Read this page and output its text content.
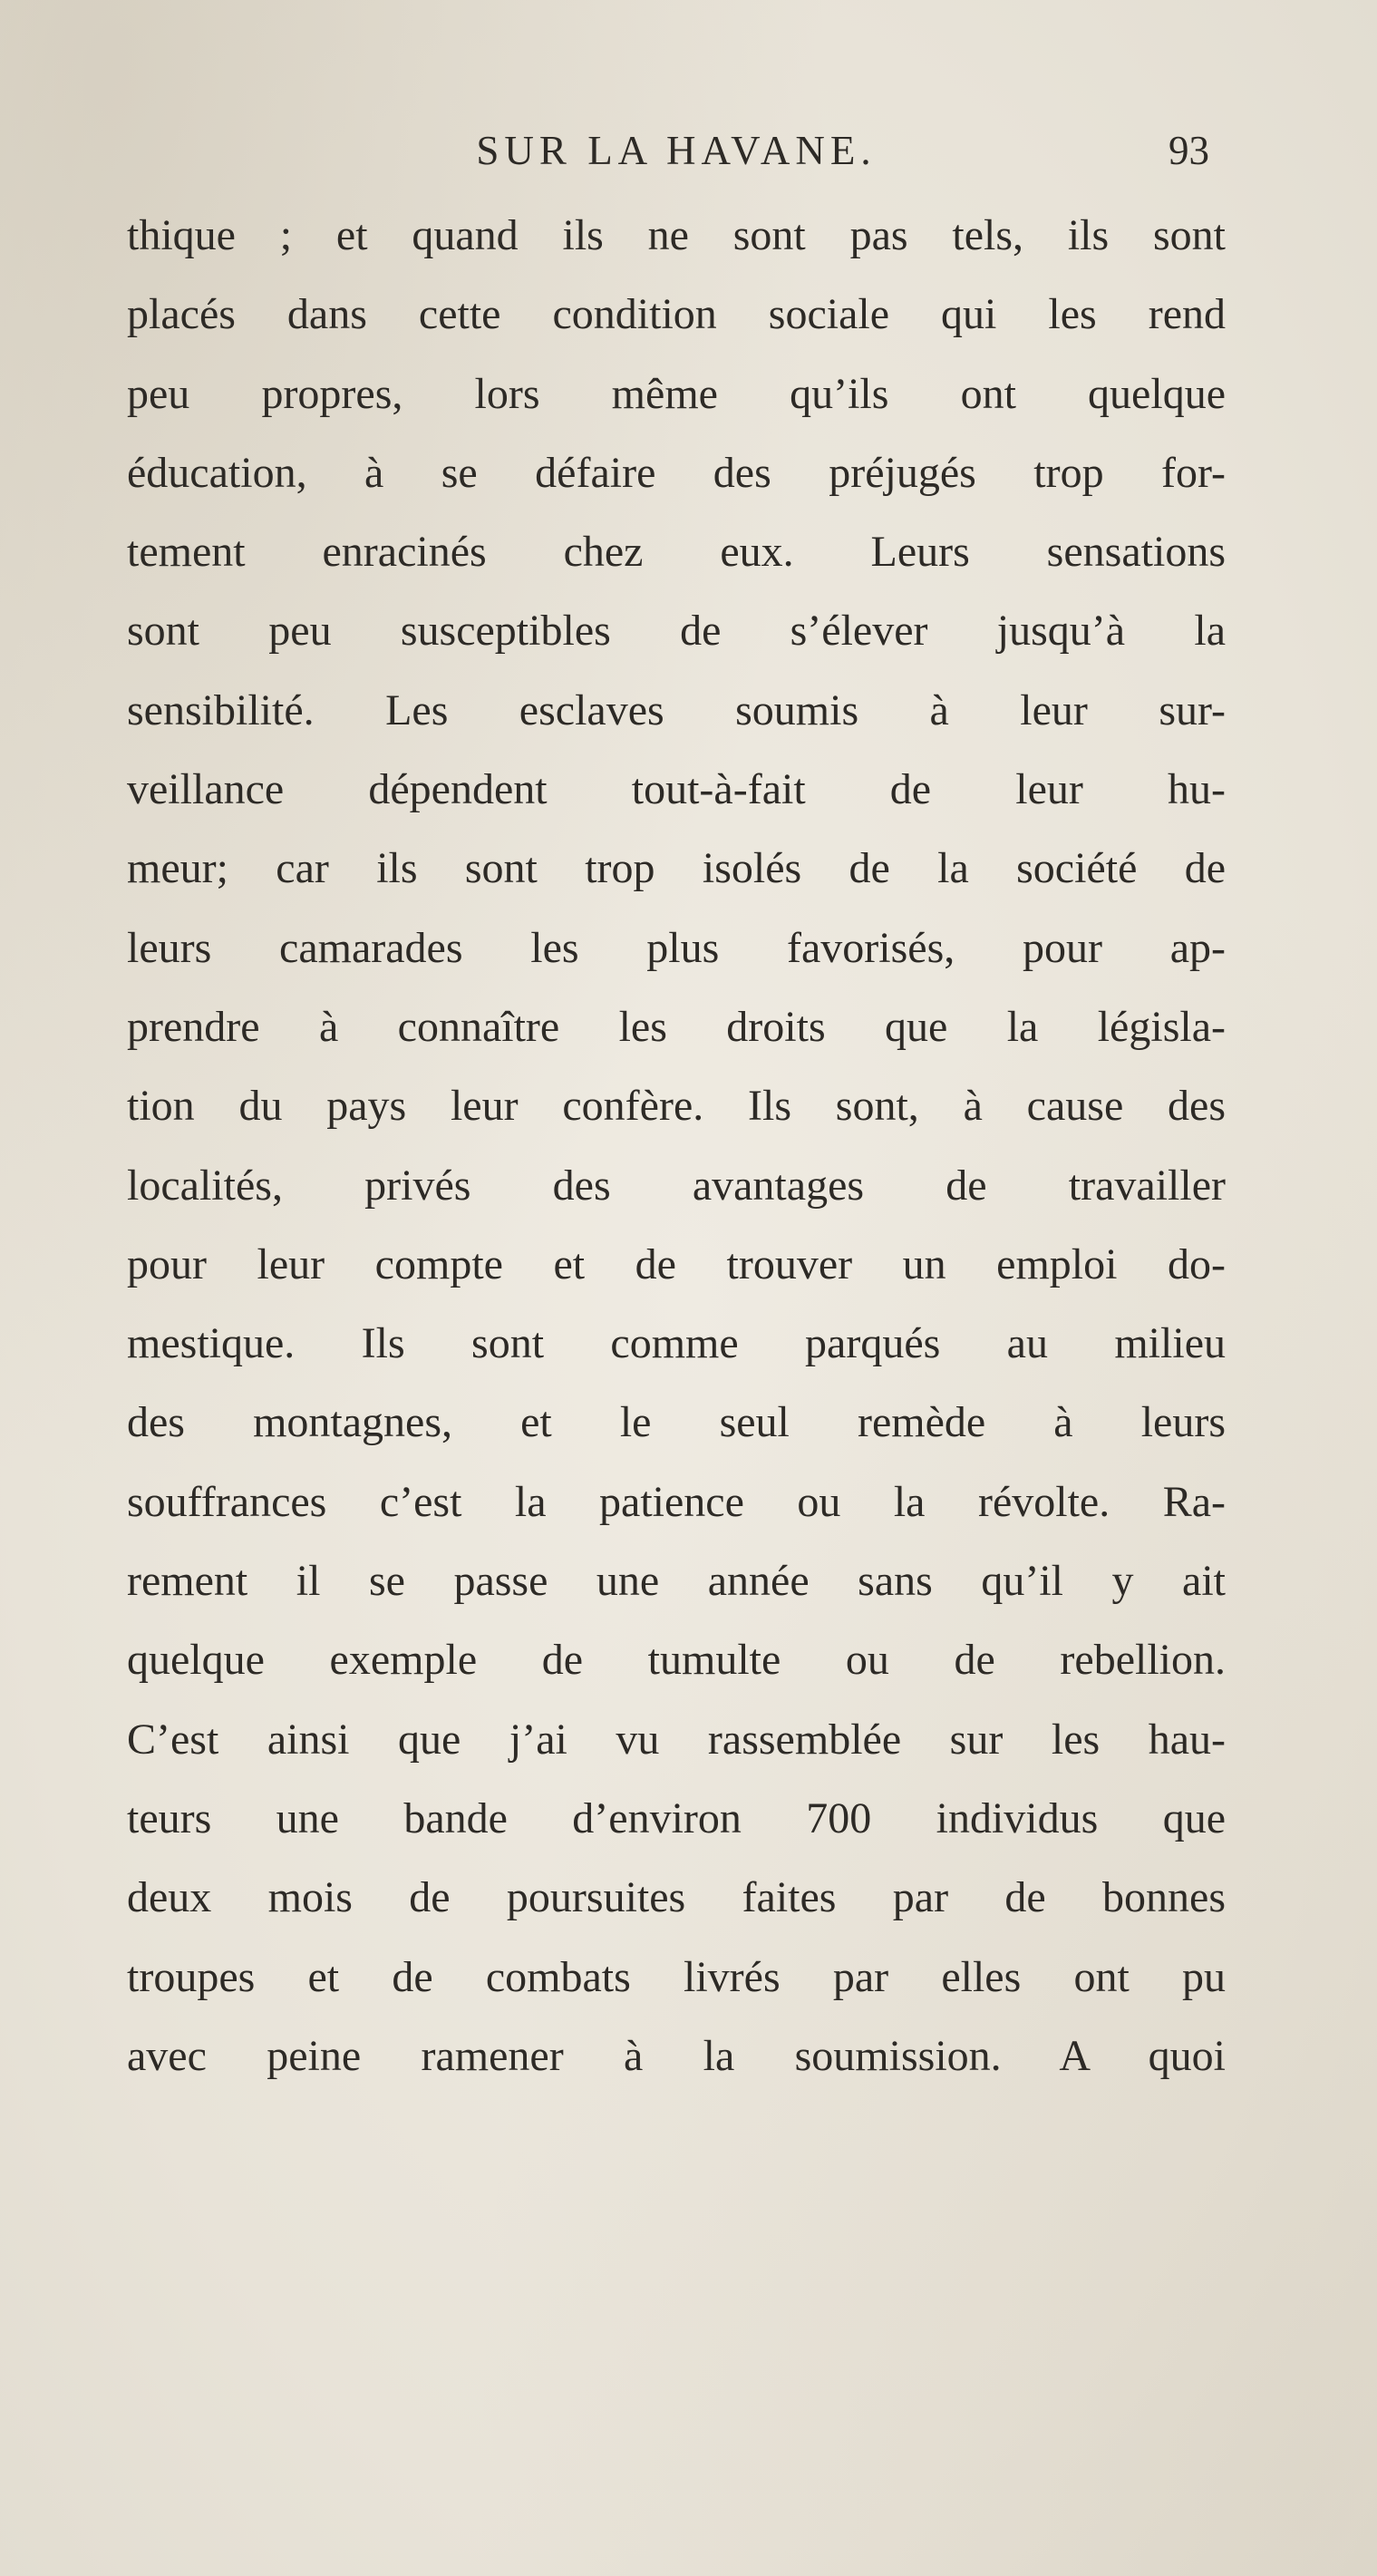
SUR LA HAVANE.	93
thique ; et quand ils ne sont pas tels, ils sont
placés dans cette condition sociale qui les rend
peu propres, lors même qu’ils ont quelque
éducation, à se défaire des préjugés trop for-
tement enracinés chez eux. Leurs sensations
sont peu susceptibles de s’élever jusqu’à la
sensibilité. Les esclaves soumis à leur sur-
veillance dépendent tout-à-fait de leur hu-
meur; car ils sont trop isolés de la société de
leurs camarades les plus favorisés, pour ap-
prendre à connaître les droits que la législa-
tion du pays leur confère. Ils sont, à cause des
localités, privés des avantages de travailler
pour leur compte et de trouver un emploi do-
mestique. Ils sont comme parqués au milieu
des montagnes, et le seul remède à leurs
souffrances c’est la patience ou la révolte. Ra-
rement il se passe une année sans qu’il y ait
quelque exemple de tumulte ou de rebellion.
C’est ainsi que j’ai vu rassemblée sur les hau-
teurs une bande d’environ 700 individus que
deux mois de poursuites faites par de bonnes
troupes et de combats livrés par elles ont pu
avec peine ramener à la soumission. A quoi
